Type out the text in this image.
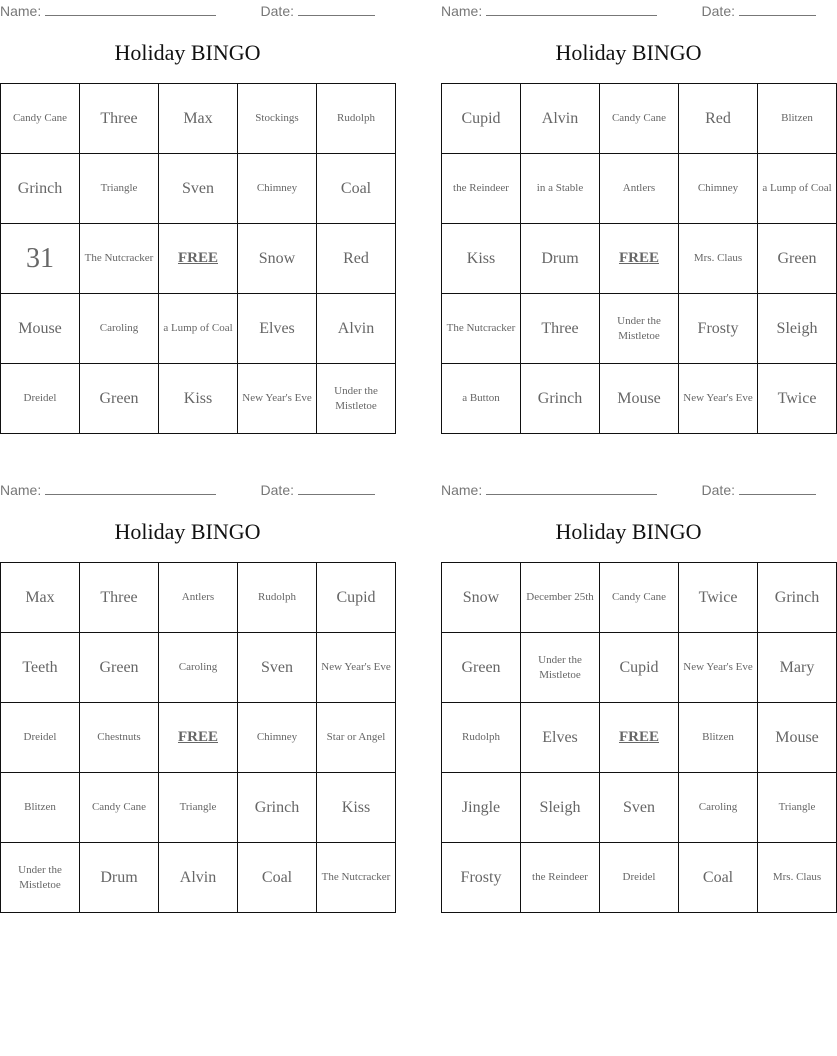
Name:	Date:
Holiday BINGO
Candy Cane	Three	Max	Stockings	Rudolph
Grinch	Triangle	Sven	Chimney	Coal
31	The Nutcracker	FREE	Snow	Red
Mouse	Caroling	a Lump of Coal	Elves	Alvin
Dreidel	Green	Kiss	New Year's Eve	Under the Mistletoe
Name:	Date:
Holiday BINGO
Cupid	Alvin	Candy Cane	Red	Blitzen
the Reindeer	in a Stable	Antlers	Chimney	a Lump of Coal
Kiss	Drum	FREE	Mrs. Claus	Green
The Nutcracker	Three	Under the Mistletoe	Frosty	Sleigh
a Button	Grinch	Mouse	New Year's Eve	Twice
Name:	Date:
Holiday BINGO
Max	Three	Antlers	Rudolph	Cupid
Teeth	Green	Caroling	Sven	New Year's Eve
Dreidel	Chestnuts	FREE	Chimney	Star or Angel
Blitzen	Candy Cane	Triangle	Grinch	Kiss
Under the Mistletoe	Drum	Alvin	Coal	The Nutcracker
Name:	Date:
Holiday BINGO
Snow	December 25th	Candy Cane	Twice	Grinch
Green	Under the Mistletoe	Cupid	New Year's Eve	Mary
Rudolph	Elves	FREE	Blitzen	Mouse
Jingle	Sleigh	Sven	Caroling	Triangle
Frosty	the Reindeer	Dreidel	Coal	Mrs. Claus
